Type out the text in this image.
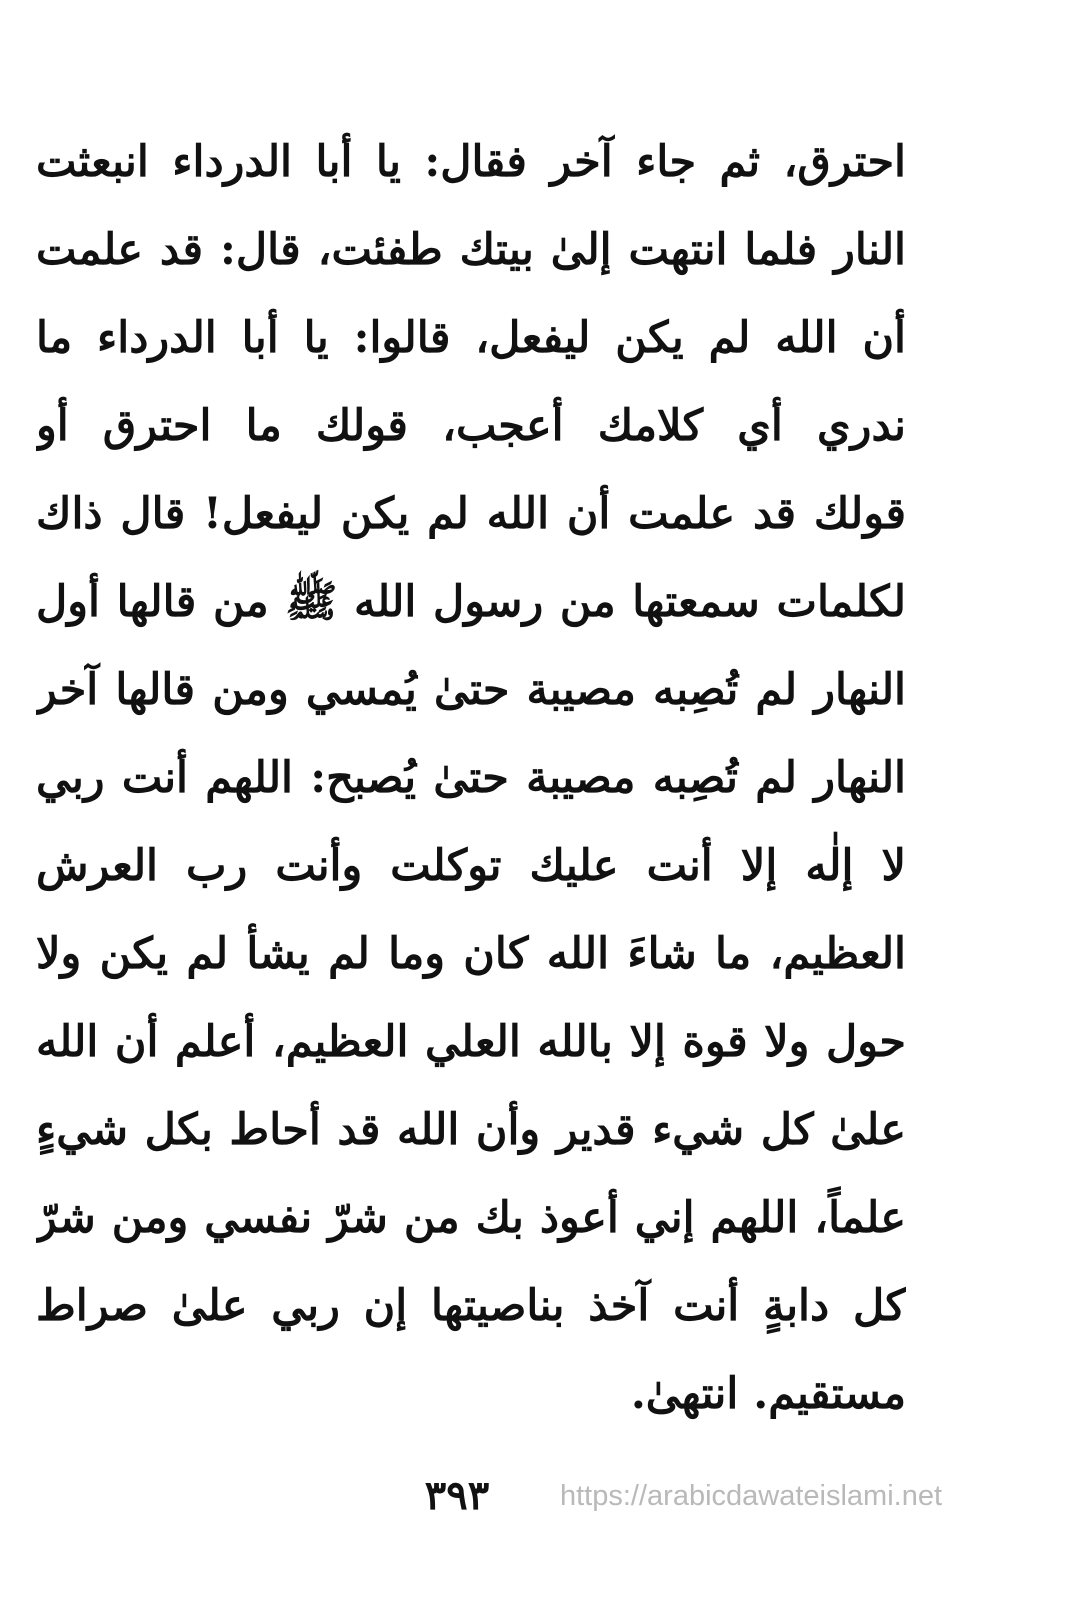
احترق، ثم جاء آخر فقال: يا أبا الدرداء انبعثت
النار فلما انتهت إلىٰ بيتك طفئت، قال: قد علمت
أن الله لم يكن ليفعل، قالوا: يا أبا الدرداء ما
ندري أي كلامك أعجب، قولك ما احترق أو
قولك قد علمت أن الله لم يكن ليفعل! قال ذاك
لكلمات سمعتها من رسول الله ﷺ من قالها أول
النهار لم تُصِبه مصيبة حتىٰ يُمسي ومن قالها آخر
النهار لم تُصِبه مصيبة حتىٰ يُصبح: اللهم أنت ربي
لا إلٰه إلا أنت عليك توكلت وأنت رب العرش
العظيم، ما شاءَ الله كان وما لم يشأ لم يكن ولا
حول ولا قوة إلا بالله العلي العظيم، أعلم أن الله
علىٰ كل شيء قدير وأن الله قد أحاط بكل شيءٍ
علماً، اللهم إني أعوذ بك من شرّ نفسي ومن شرّ
كل دابةٍ أنت آخذ بناصيتها إن ربي علىٰ صراط
مستقيم. انتهىٰ.
٣٩٣	https://arabicdawateislami.net
